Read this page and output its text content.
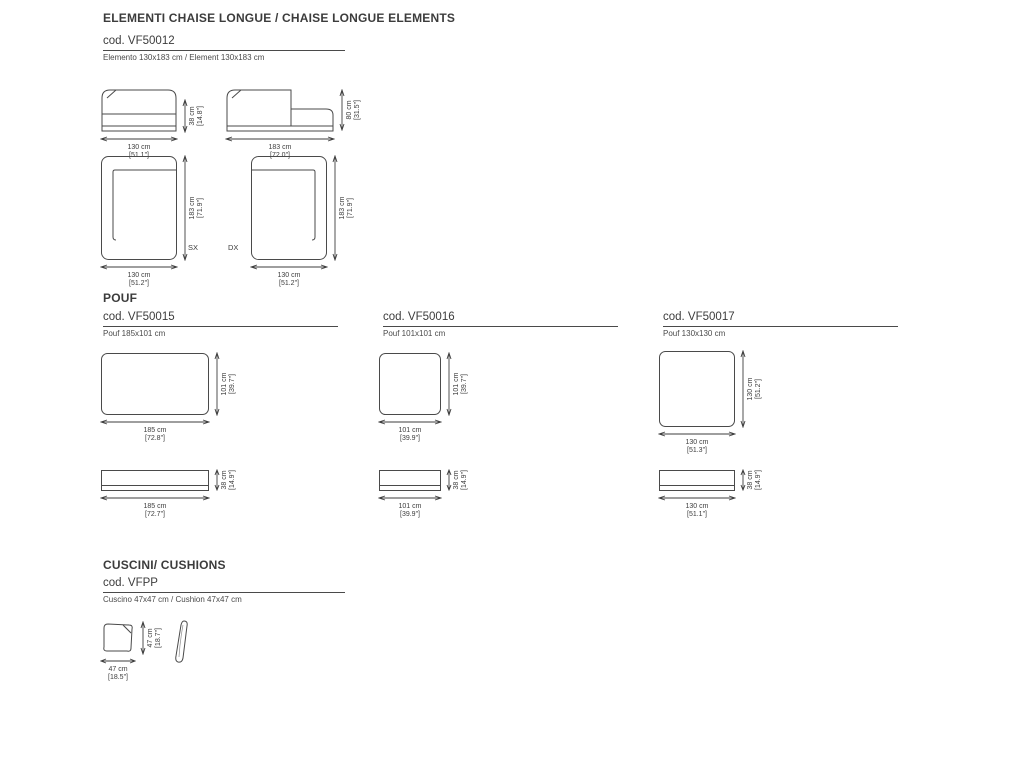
ELEMENTI CHAISE LONGUE / CHAISE LONGUE ELEMENTS
cod. VF50012
Elemento 130x183 cm / Element 130x183 cm
130 cm
[51.1"]
38 cm [14.8"]
183 cm
[72.0"]
80 cm [31.5"]
130 cm
[51.2"]
183 cm [71.9"]
SX
130 cm
[51.2"]
183 cm [71.9"]
DX
POUF
cod. VF50015
Pouf 185x101 cm
cod. VF50016
Pouf 101x101 cm
cod. VF50017
Pouf 130x130 cm
185 cm
[72.8"]
101 cm [39.7"]
101 cm
[39.9"]
101 cm [39.7"]
130 cm
[51.3"]
130 cm [51.2"]
185 cm
[72.7"]
38 cm [14.9"]
101 cm
[39.9"]
38 cm [14.9"]
130 cm
[51.1"]
38 cm [14.9"]
CUSCINI/ CUSHIONS
cod. VFPP
Cuscino 47x47 cm / Cushion 47x47 cm
47 cm
[18.5"]
47 cm [18.7"]
